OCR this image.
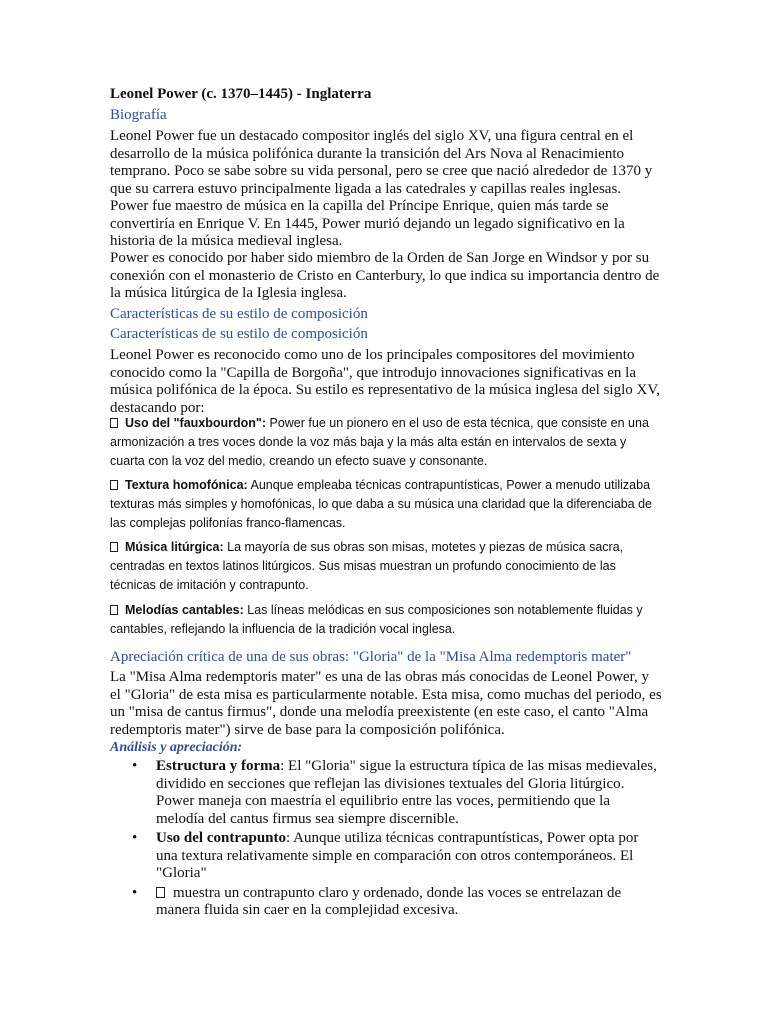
Leonel Power (c. 1370–1445) - Inglaterra
Biografía

Leonel Power fue un destacado compositor inglés del siglo XV, una figura central en el desarrollo de la música polifónica durante la transición del Ars Nova al Renacimiento temprano. Poco se sabe sobre su vida personal, pero se cree que nació alrededor de 1370 y que su carrera estuvo principalmente ligada a las catedrales y capillas reales inglesas. Power fue maestro de música en la capilla del Príncipe Enrique, quien más tarde se convertiría en Enrique V. En 1445, Power murió dejando un legado significativo en la historia de la música medieval inglesa.

Power es conocido por haber sido miembro de la Orden de San Jorge en Windsor y por su conexión con el monasterio de Cristo en Canterbury, lo que indica su importancia dentro de la música litúrgica de la Iglesia inglesa.

Características de su estilo de composición
Características de su estilo de composición

Leonel Power es reconocido como uno de los principales compositores del movimiento conocido como la "Capilla de Borgoña", que introdujo innovaciones significativas en la música polifónica de la época. Su estilo es representativo de la música inglesa del siglo XV, destacando por:

Uso del "fauxbourdon": Power fue un pionero en el uso de esta técnica, que consiste en una armonización a tres voces donde la voz más baja y la más alta están en intervalos de sexta y cuarta con la voz del medio, creando un efecto suave y consonante.

Textura homofónica: Aunque empleaba técnicas contrapuntísticas, Power a menudo utilizaba texturas más simples y homofónicas, lo que daba a su música una claridad que la diferenciaba de las complejas polifonías franco-flamencas.

Música litúrgica: La mayoría de sus obras son misas, motetes y piezas de música sacra, centradas en textos latinos litúrgicos. Sus misas muestran un profundo conocimiento de las técnicas de imitación y contrapunto.

Melodías cantables: Las líneas melódicas en sus composiciones son notablemente fluidas y cantables, reflejando la influencia de la tradición vocal inglesa.

Apreciación crítica de una de sus obras: "Gloria" de la "Misa Alma redemptoris mater"

La "Misa Alma redemptoris mater" es una de las obras más conocidas de Leonel Power, y el "Gloria" de esta misa es particularmente notable. Esta misa, como muchas del periodo, es un "misa de cantus firmus", donde una melodía preexistente (en este caso, el canto "Alma redemptoris mater") sirve de base para la composición polifónica.

Análisis y apreciación:
• Estructura y forma: El "Gloria" sigue la estructura típica de las misas medievales, dividido en secciones que reflejan las divisiones textuales del Gloria litúrgico. Power maneja con maestría el equilibrio entre las voces, permitiendo que la melodía del cantus firmus sea siempre discernible.
• Uso del contrapunto: Aunque utiliza técnicas contrapuntísticas, Power opta por una textura relativamente simple en comparación con otros contemporáneos. El "Gloria"
• muestra un contrapunto claro y ordenado, donde las voces se entrelazan de manera fluida sin caer en la complejidad excesiva.
